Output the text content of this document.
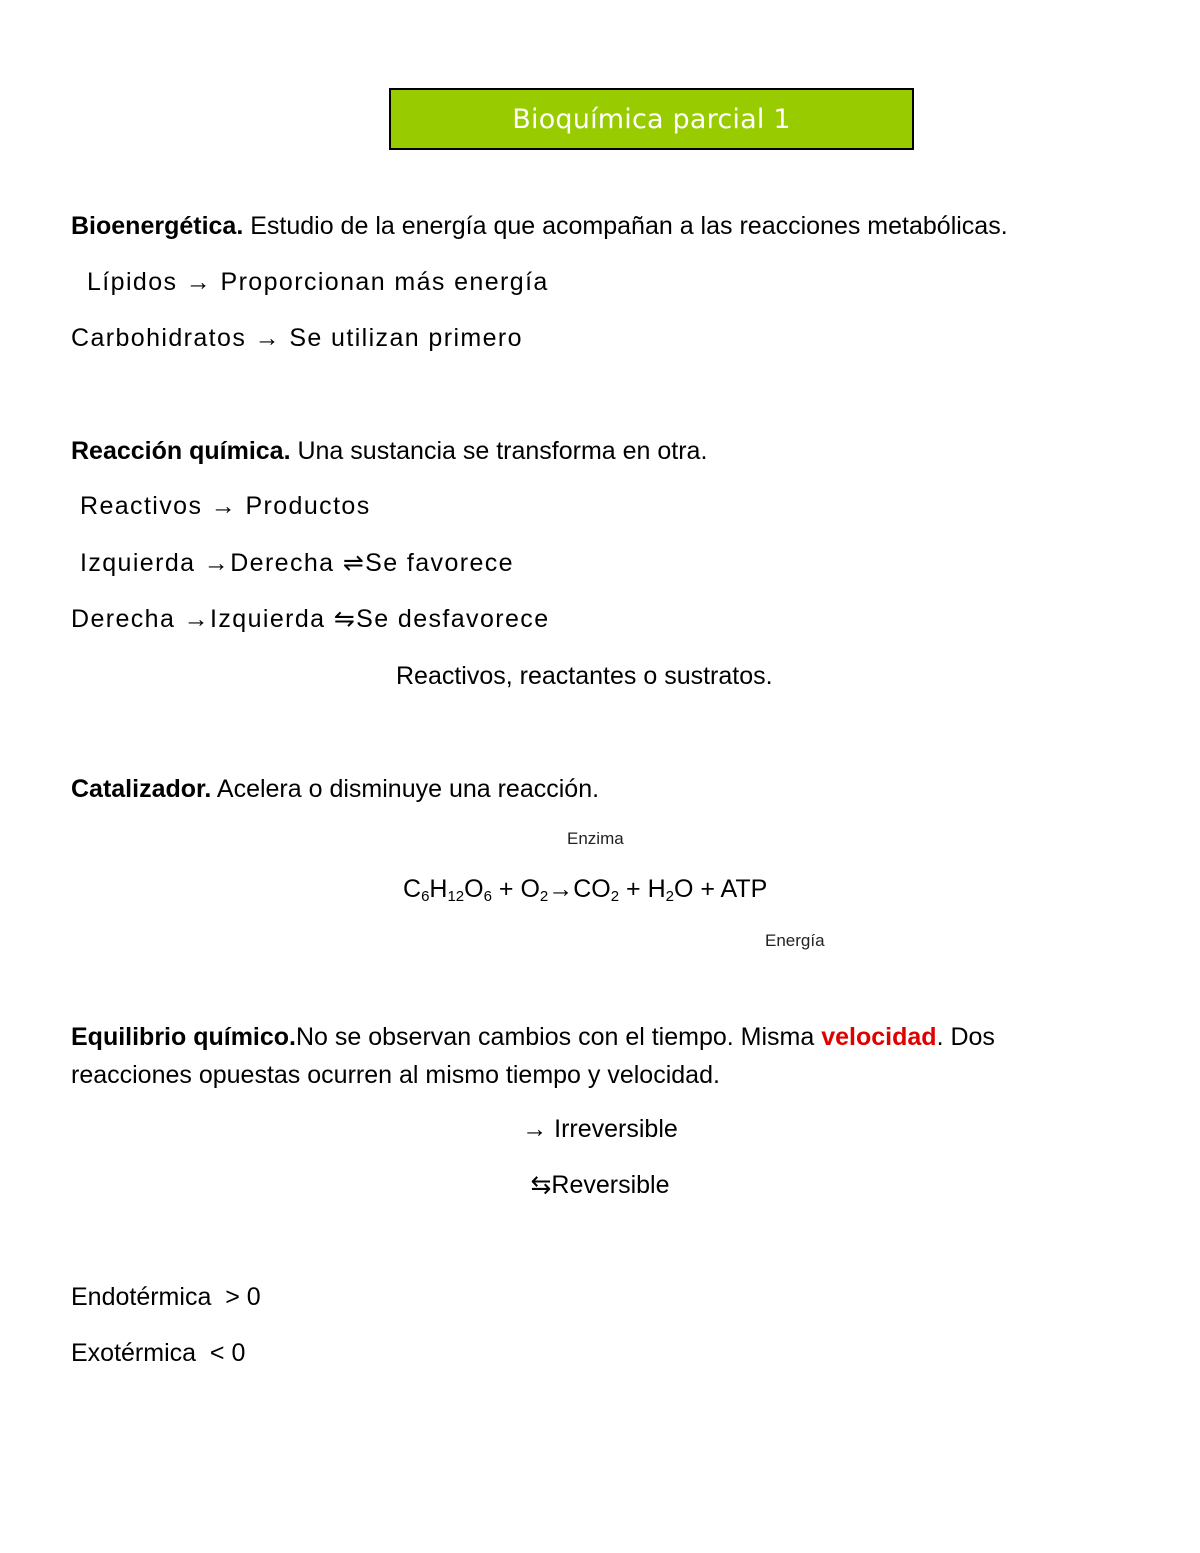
Bioquímica parcial 1
Bioenergética. Estudio de la energía que acompañan a las reacciones metabólicas.
Lípidos → Proporcionan más energía
Carbohidratos → Se utilizan primero
Reacción química. Una sustancia se transforma en otra.
Reactivos → Productos
Izquierda →Derecha ⇌Se favorece
Derecha →Izquierda ⇋Se desfavorece
Reactivos, reactantes o sustratos.
Catalizador. Acelera o disminuye una reacción.
Enzima
$C_6H_{12}O_6 + O_2\to CO_2 + H_2O$ + ATP
Energía
Equilibrio químico.No se observan cambios con el tiempo. Misma velocidad. Dos
reacciones opuestas ocurren al mismo tiempo y velocidad.
→ Irreversible
⇆Reversible
Endotérmica  > 0
Exotérmica  < 0
